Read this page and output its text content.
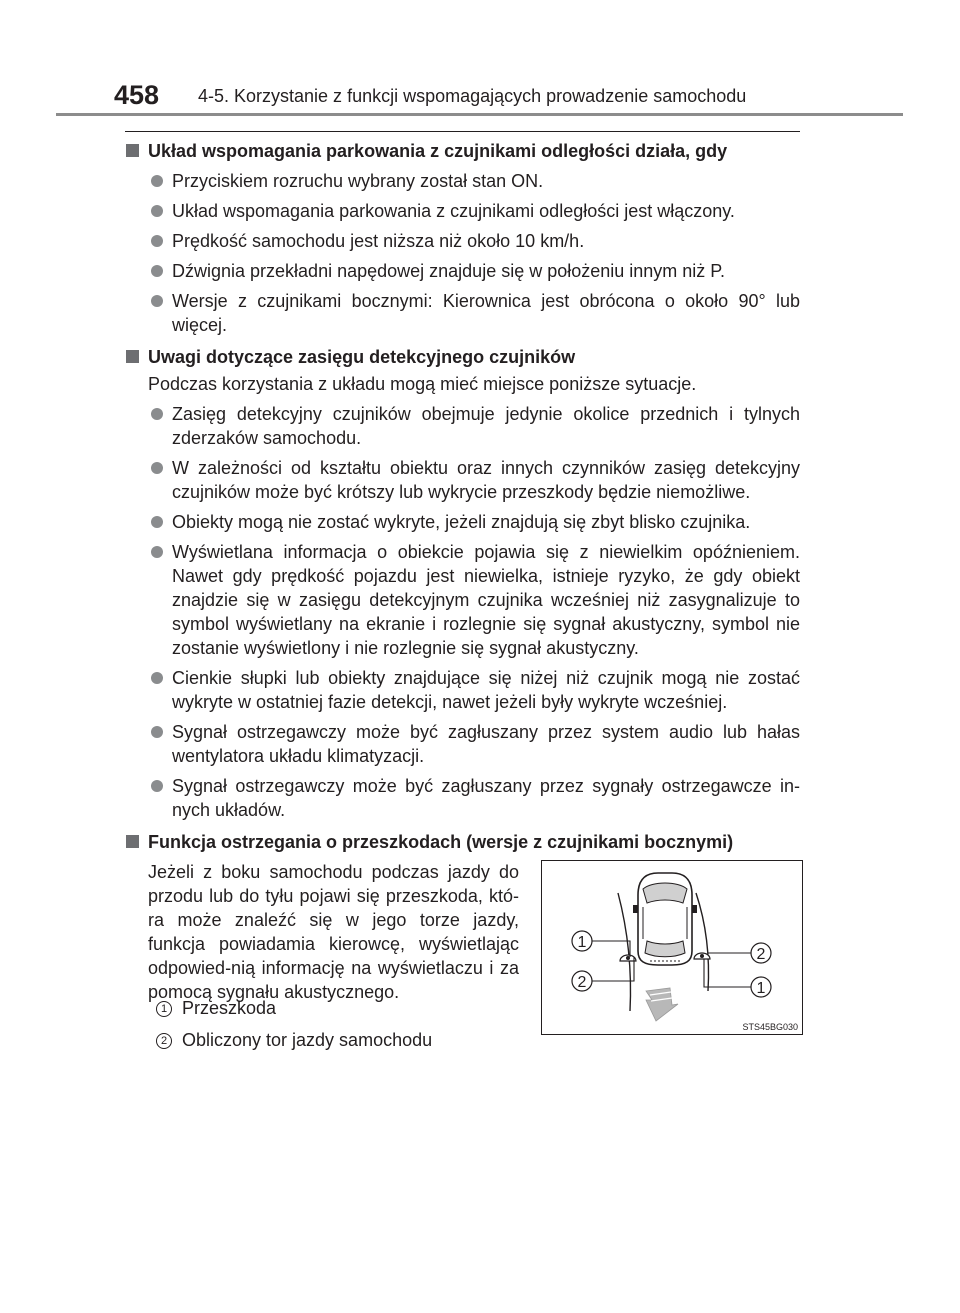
458 4-5. Korzystanie z funkcji wspomagających prowadzenie samochodu
Układ wspomagania parkowania z czujnikami odległości działa, gdy
Przyciskiem rozruchu wybrany został stan ON.
Układ wspomagania parkowania z czujnikami odległości jest włączony.
Prędkość samochodu jest niższa niż około 10 km/h.
Dźwignia przekładni napędowej znajduje się w położeniu innym niż P.
Wersje z czujnikami bocznymi: Kierownica jest obrócona o około 90° lub więcej.
Uwagi dotyczące zasięgu detekcyjnego czujników
Podczas korzystania z układu mogą mieć miejsce poniższe sytuacje.
Zasięg detekcyjny czujników obejmuje jedynie okolice przednich i tylnych zderzaków samochodu.
W zależności od kształtu obiektu oraz innych czynników zasięg detekcyjny czujników może być krótszy lub wykrycie przeszkody będzie niemożliwe.
Obiekty mogą nie zostać wykryte, jeżeli znajdują się zbyt blisko czujnika.
Wyświetlana informacja o obiekcie pojawia się z niewielkim opóźnieniem. Nawet gdy prędkość pojazdu jest niewielka, istnieje ryzyko, że gdy obiekt znajdzie się w zasięgu detekcyjnym czujnika wcześniej niż zasygnalizuje to symbol wyświetlany na ekranie i rozlegnie się sygnał akustyczny, symbol nie zostanie wyświetlony i nie rozlegnie się sygnał akustyczny.
Cienkie słupki lub obiekty znajdujące się niżej niż czujnik mogą nie zostać wykryte w ostatniej fazie detekcji, nawet jeżeli były wykryte wcześniej.
Sygnał ostrzegawczy może być zagłuszany przez system audio lub hałas wentylatora układu klimatyzacji.
Sygnał ostrzegawczy może być zagłuszany przez sygnały ostrzegawcze in-nych układów.
Funkcja ostrzegania o przeszkodach (wersje z czujnikami bocznymi)
Jeżeli z boku samochodu podczas jazdy do przodu lub do tyłu pojawi się przeszkoda, któ-ra może znaleźć się w jego torze jazdy, funkcja powiadamia kierowcę, wyświetlając odpowied-nią informację na wyświetlaczu i za pomocą sygnału akustycznego.
1 Przeszkoda
2 Obliczony tor jazdy samochodu
1
2
2
1
STS45BG030
